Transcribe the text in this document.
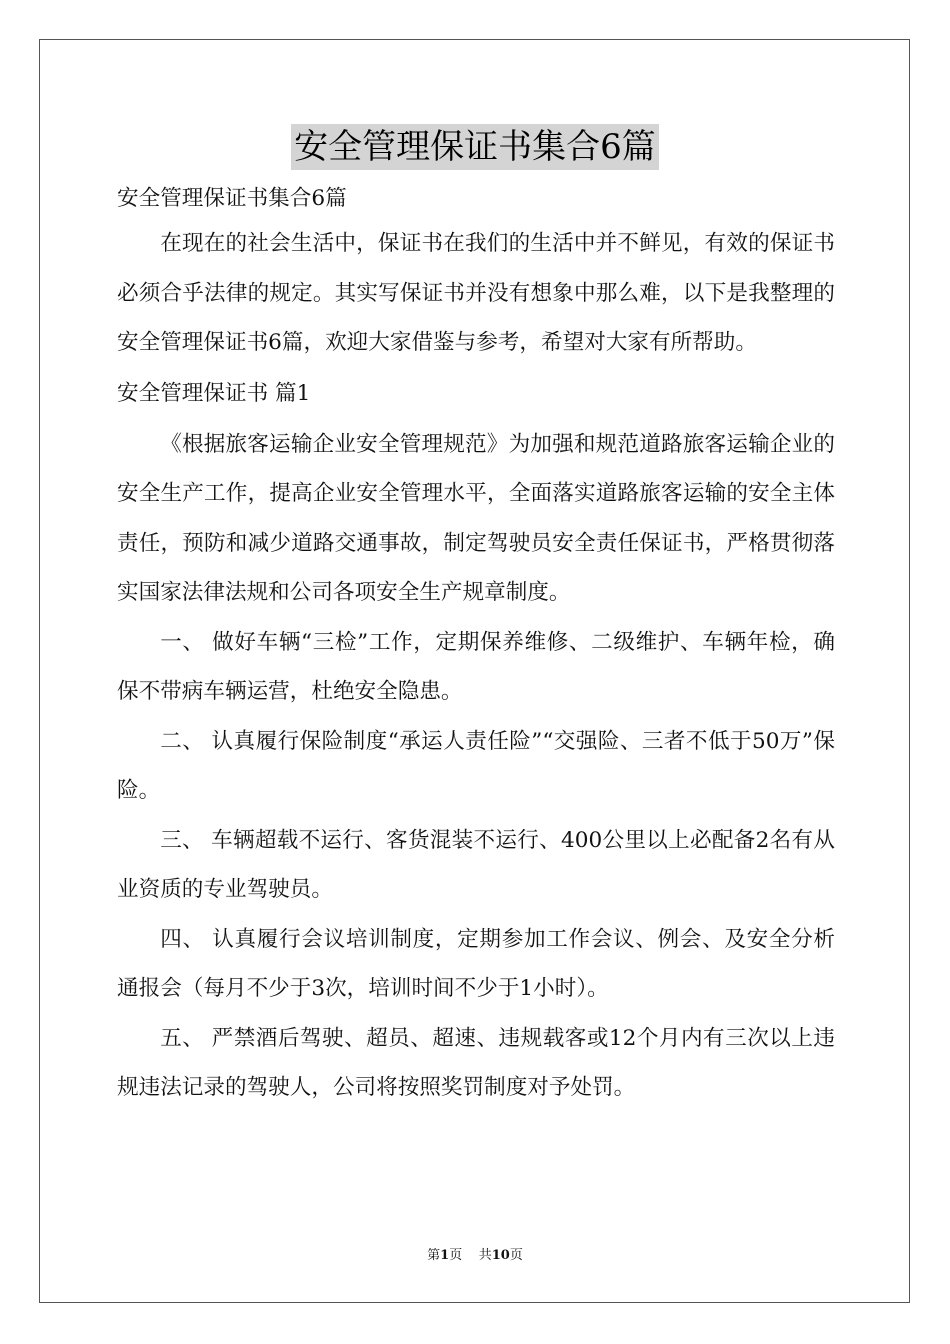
安全管理保证书集合6篇
安全管理保证书集合6篇

在现在的社会生活中，保证书在我们的生活中并不鲜见，有效的保证书必须合乎法律的规定。其实写保证书并没有想象中那么难，以下是我整理的安全管理保证书6篇，欢迎大家借鉴与参考，希望对大家有所帮助。

安全管理保证书 篇1

《根据旅客运输企业安全管理规范》为加强和规范道路旅客运输企业的安全生产工作，提高企业安全管理水平，全面落实道路旅客运输的安全主体责任，预防和减少道路交通事故，制定驾驶员安全责任保证书，严格贯彻落实国家法律法规和公司各项安全生产规章制度。

一、 做好车辆“三检”工作，定期保养维修、二级维护、车辆年检，确保不带病车辆运营，杜绝安全隐患。

二、 认真履行保险制度“承运人责任险”“交强险、三者不低于50万”保险。

三、 车辆超载不运行、客货混装不运行、400公里以上必配备2名有从业资质的专业驾驶员。

四、 认真履行会议培训制度，定期参加工作会议、例会、及安全分析通报会（每月不少于3次，培训时间不少于1小时）。

五、 严禁酒后驾驶、超员、超速、违规载客或12个月内有三次以上违规违法记录的驾驶人，公司将按照奖罚制度对予处罚。

第1页    共10页
